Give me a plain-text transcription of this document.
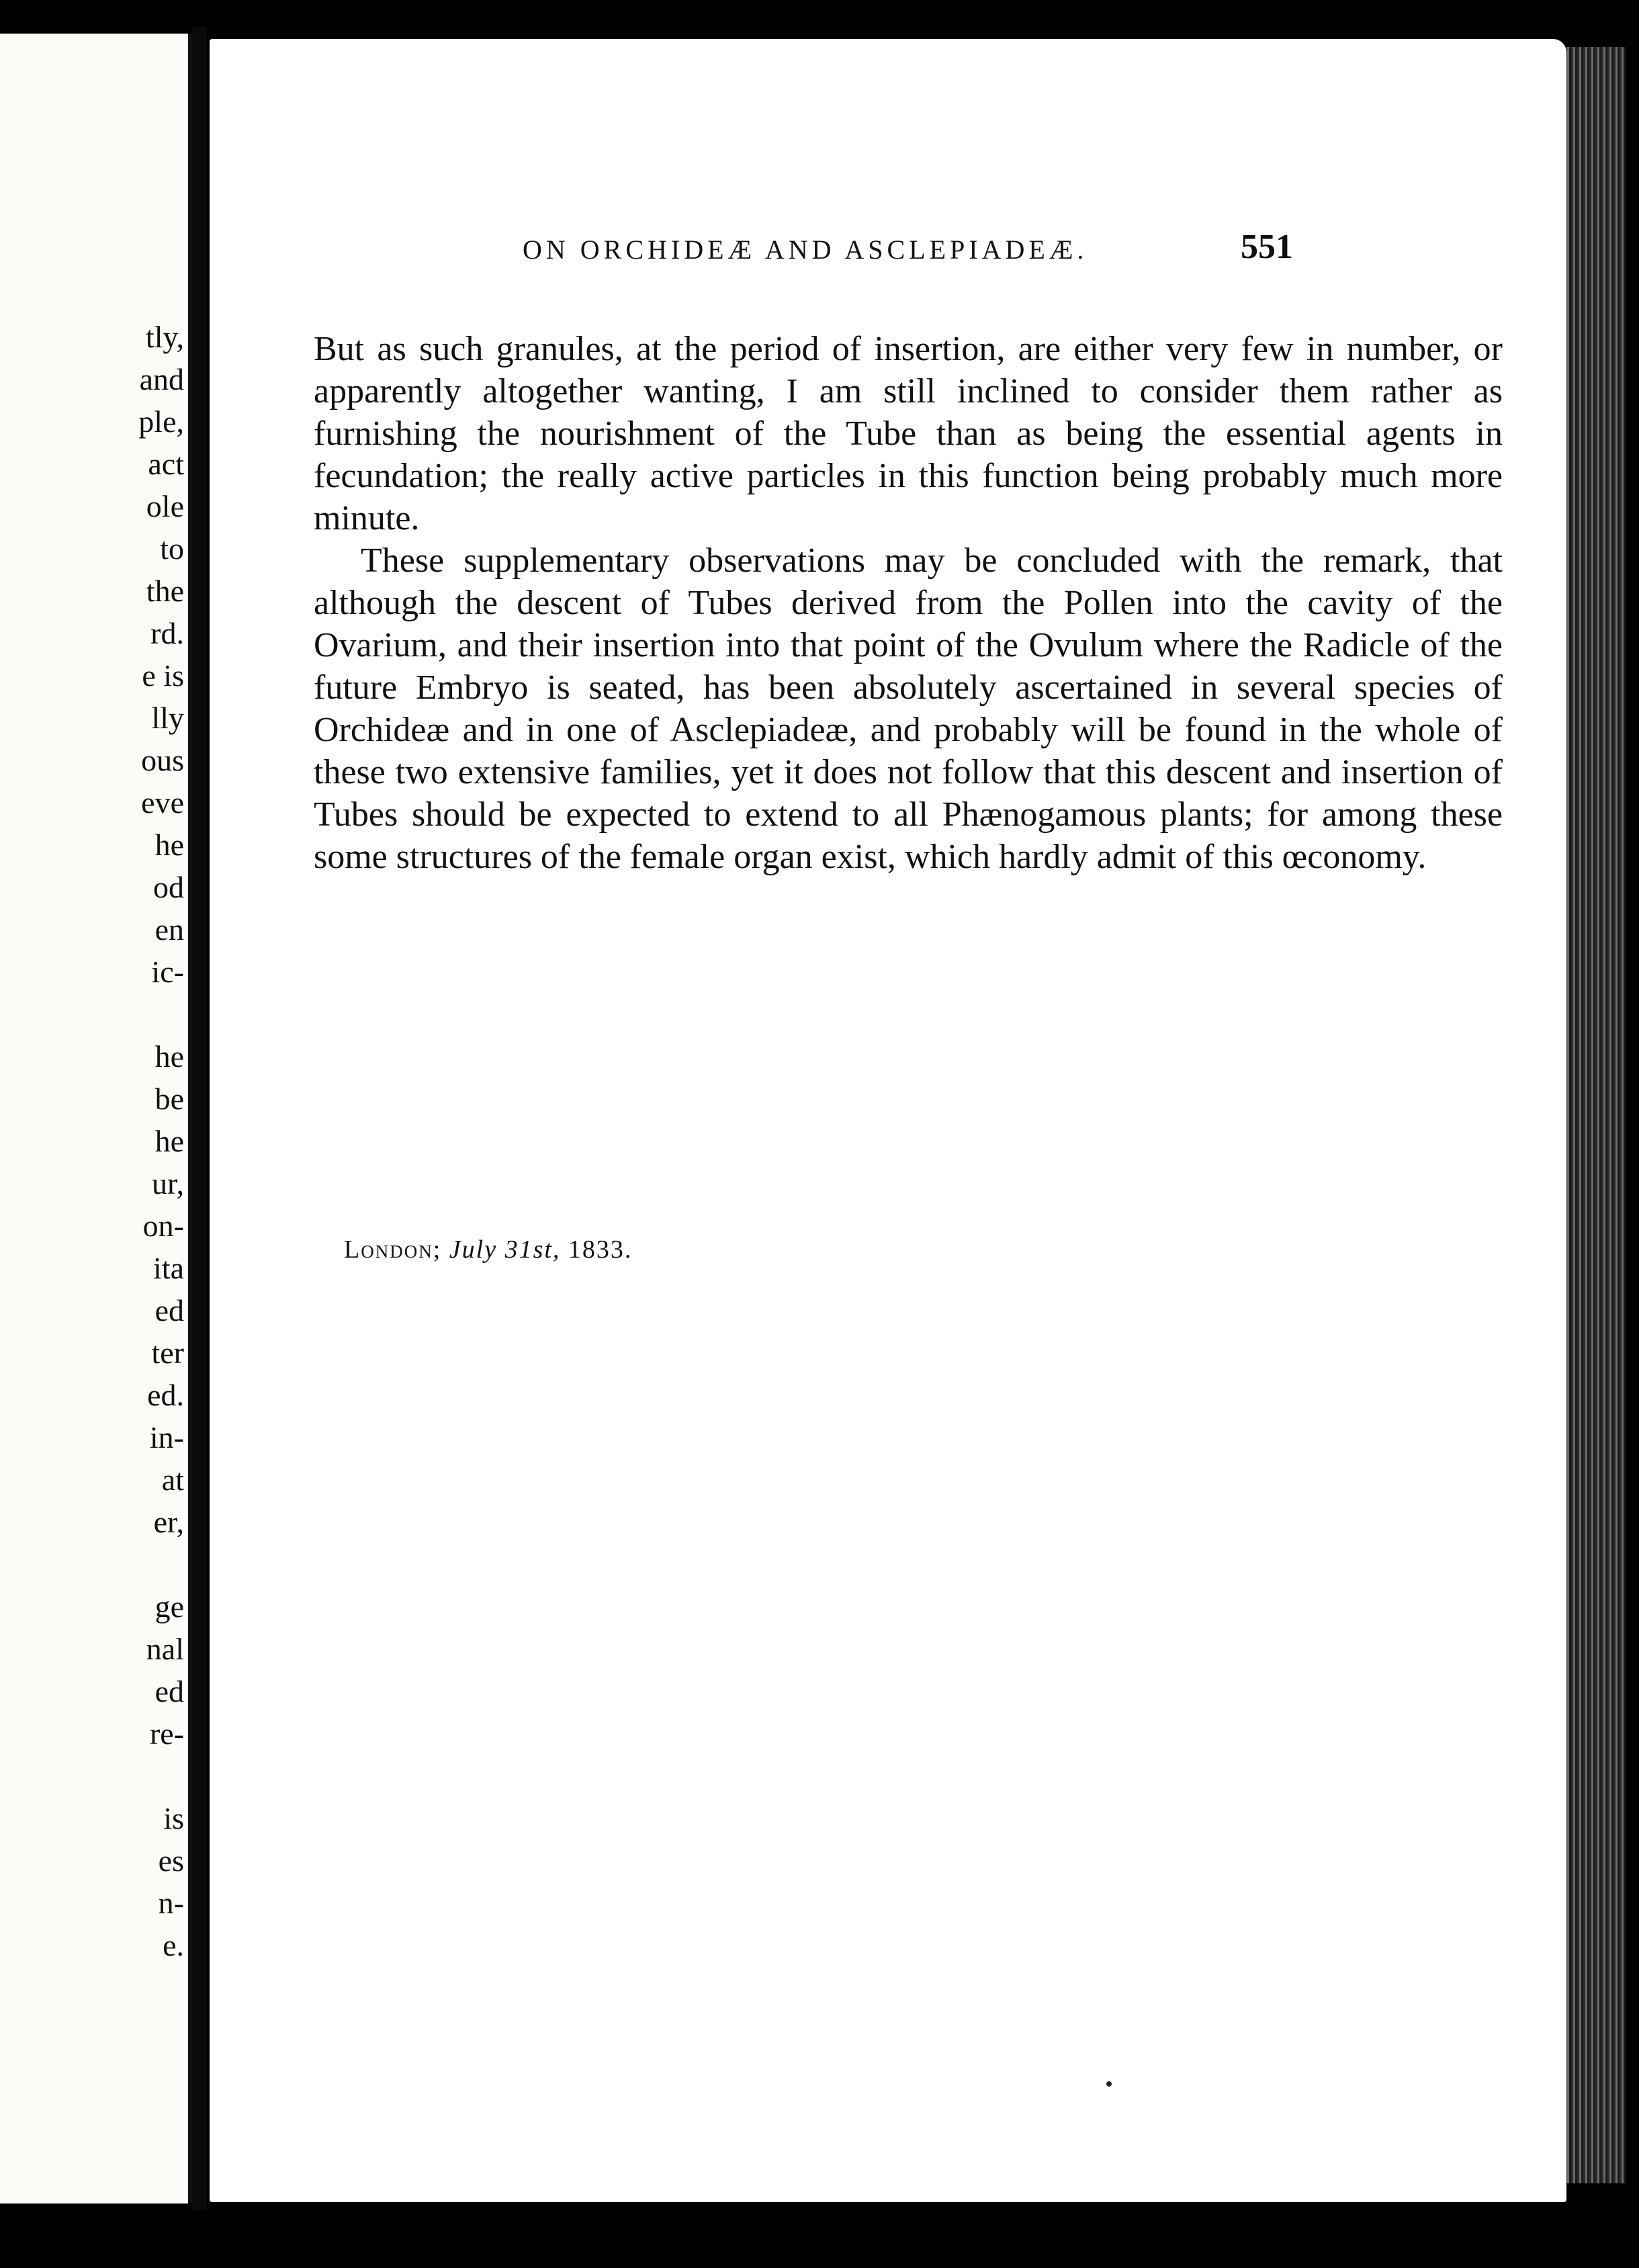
tly,
and
ple,
act
ole
to
the
rd.
e is
lly
ous
eve
he
od
en
ic-
he
be
he
ur,
on-
ita
ed
ter
ed.
in-
at
er,
ge
nal
ed
re-
is
es
n-
e.
ON ORCHIDEÆ AND ASCLEPIADEÆ.	551

But as such granules, at the period of insertion, are either very few in number, or apparently altogether wanting, I am still inclined to consider them rather as furnishing the nourishment of the Tube than as being the essential agents in fecundation; the really active particles in this function being probably much more minute.

These supplementary observations may be concluded with the remark, that although the descent of Tubes derived from the Pollen into the cavity of the Ovarium, and their insertion into that point of the Ovulum where the Radicle of the future Embryo is seated, has been absolutely ascertained in several species of Orchideæ and in one of Asclepiadeæ, and probably will be found in the whole of these two extensive families, yet it does not follow that this descent and insertion of Tubes should be expected to extend to all Phænogamous plants; for among these some structures of the female organ exist, which hardly admit of this œconomy.

London; July 31st, 1833.
